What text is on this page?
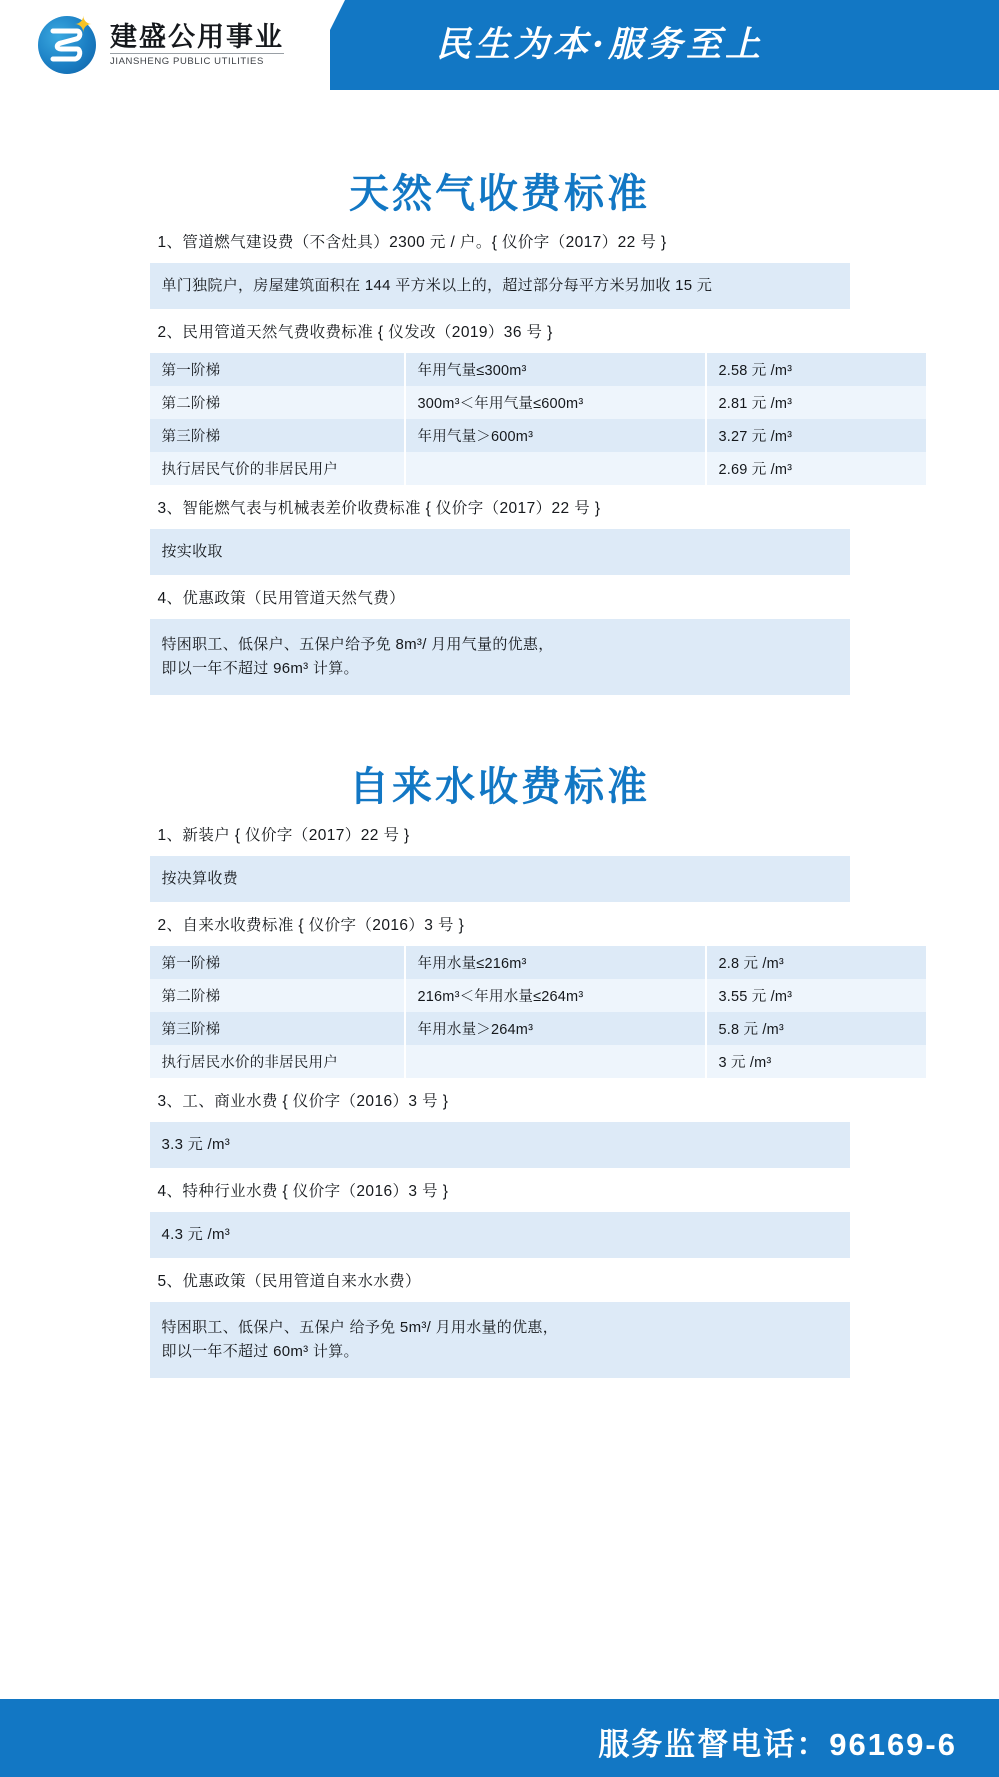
✦ 建盛公用事业
JIANSHENG PUBLIC UTILITIES	民生为本·服务至上
天然气收费标准
1、管道燃气建设费（不含灶具）2300 元 / 户。{ 仪价字（2017）22 号 }
单门独院户，房屋建筑面积在 144 平方米以上的，超过部分每平方米另加收 15 元
2、民用管道天然气费收费标准 { 仪发改（2019）36 号 }
第一阶梯	年用气量≤300m³	2.58 元 /m³
第二阶梯	300m³＜年用气量≤600m³	2.81 元 /m³
第三阶梯	年用气量＞600m³	3.27 元 /m³
执行居民气价的非居民用户		2.69 元 /m³
3、智能燃气表与机械表差价收费标准 { 仪价字（2017）22 号 }
按实收取
4、优惠政策（民用管道天然气费）
特困职工、低保户、五保户给予免 8m³/ 月用气量的优惠，
即以一年不超过 96m³ 计算。
自来水收费标准
1、新装户 { 仪价字（2017）22 号 }
按决算收费
2、自来水收费标准 { 仪价字（2016）3 号 }
第一阶梯	年用水量≤216m³	2.8 元 /m³
第二阶梯	216m³＜年用水量≤264m³	3.55 元 /m³
第三阶梯	年用水量＞264m³	5.8 元 /m³
执行居民水价的非居民用户		3 元 /m³
3、工、商业水费 { 仪价字（2016）3 号 }
3.3 元 /m³
4、特种行业水费 { 仪价字（2016）3 号 }
4.3 元 /m³
5、优惠政策（民用管道自来水水费）
特困职工、低保户、五保户 给予免 5m³/ 月用水量的优惠，
即以一年不超过 60m³ 计算。
服务监督电话：96169-6
